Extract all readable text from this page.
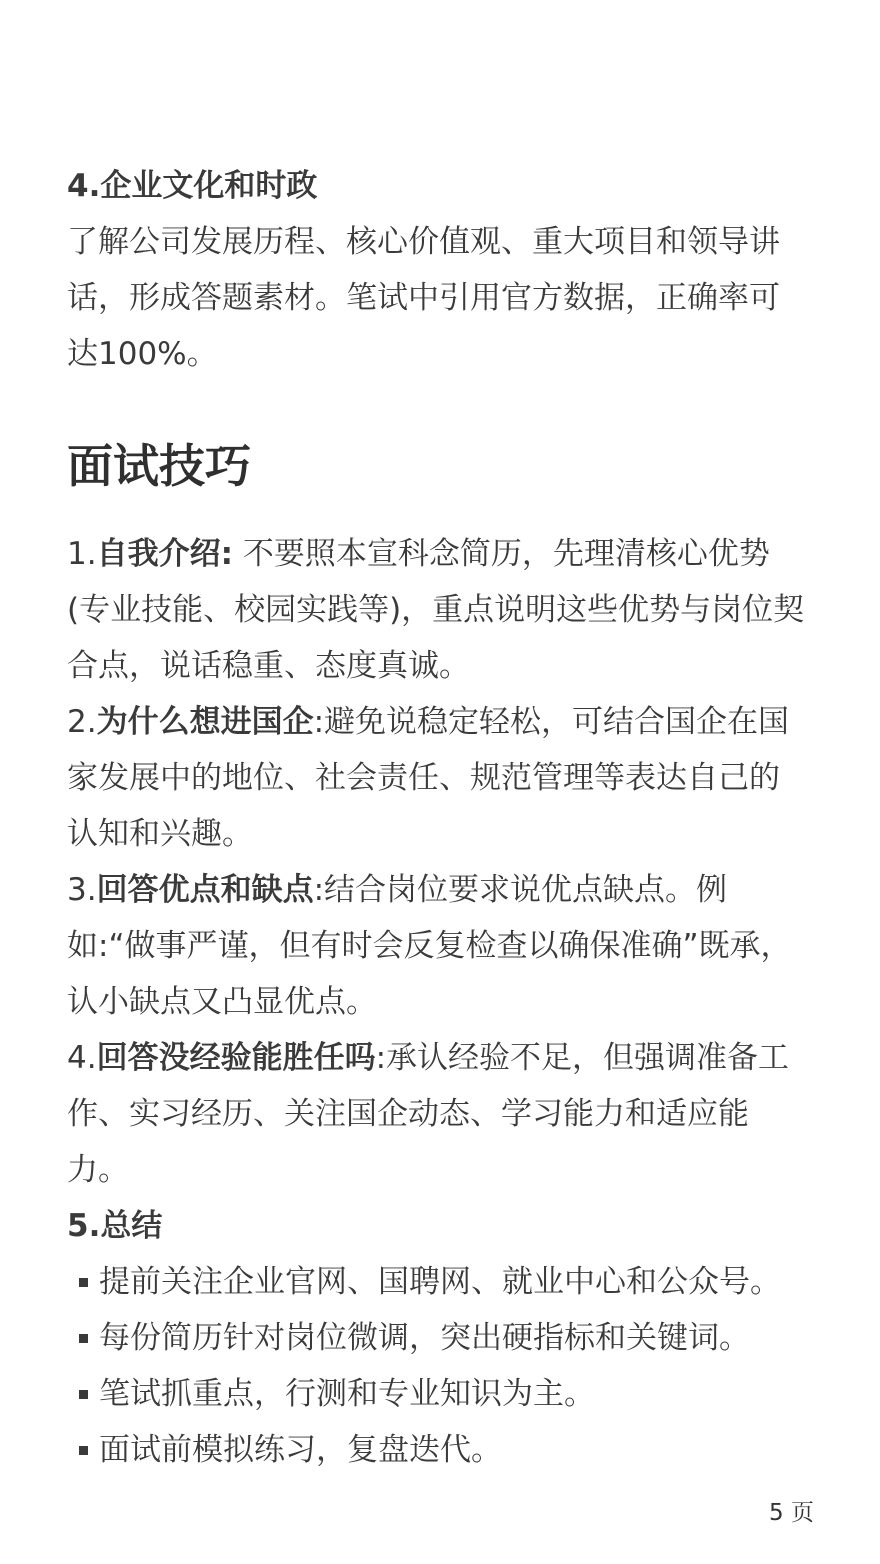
4.企业文化和时政

了解公司发展历程、核心价值观、重大项目和领导讲话，形成答题素材。笔试中引用官方数据，正确率可达100%。

面试技巧

1.自我介绍: 不要照本宣科念简历，先理清核心优势(专业技能、校园实践等)，重点说明这些优势与岗位契合点，说话稳重、态度真诚。

2.为什么想进国企:避免说稳定轻松，可结合国企在国家发展中的地位、社会责任、规范管理等表达自己的认知和兴趣。

3.回答优点和缺点:结合岗位要求说优点缺点。例如:“做事严谨，但有时会反复检查以确保准确”既承，认小缺点又凸显优点。

4.回答没经验能胜任吗:承认经验不足，但强调准备工作、实习经历、关注国企动态、学习能力和适应能力。

5.总结

提前关注企业官网、国聘网、就业中心和公众号。
每份简历针对岗位微调，突出硬指标和关键词。
笔试抓重点，行测和专业知识为主。
面试前模拟练习，复盘迭代。
5 页
